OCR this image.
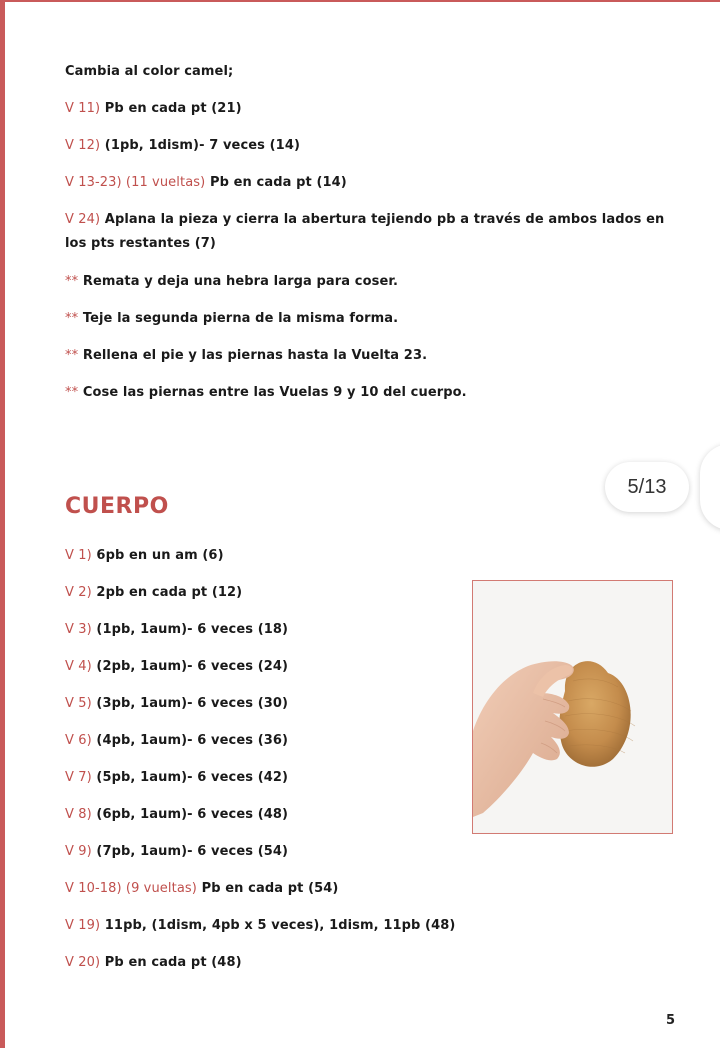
Cambia al color camel;
V 11) Pb en cada pt (21)
V 12) (1pb, 1dism)- 7 veces (14)
V 13-23) (11 vueltas) Pb en cada pt (14)
V 24) Aplana la pieza y cierra la abertura tejiendo pb a través de ambos lados en los pts restantes (7)
** Remata y deja una hebra larga para coser.
** Teje la segunda pierna de la misma forma.
** Rellena el pie y las piernas hasta la Vuelta 23.
** Cose las piernas entre las Vuelas 9 y 10 del cuerpo.
CUERPO
V 1) 6pb en un am (6)
V 2) 2pb en cada pt (12)
V 3) (1pb, 1aum)- 6 veces (18)
V 4) (2pb, 1aum)- 6 veces (24)
V 5) (3pb, 1aum)- 6 veces (30)
V 6) (4pb, 1aum)- 6 veces (36)
V 7) (5pb, 1aum)- 6 veces (42)
V 8) (6pb, 1aum)- 6 veces (48)
V 9) (7pb, 1aum)- 6 veces (54)
V 10-18) (9 vueltas) Pb en cada pt (54)
V 19) 11pb, (1dism, 4pb x 5 veces), 1dism, 11pb (48)
V 20) Pb en cada pt (48)
5/13
5
